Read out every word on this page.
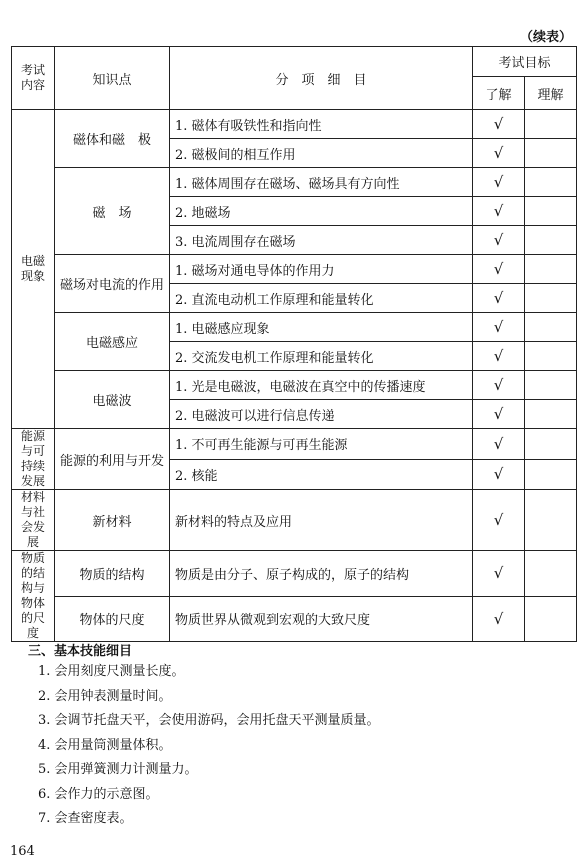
（续表）
考试内容	知识点	分　项　细　目	考试目标	
			了解	理解
电磁现象	磁体和磁　极	1. 磁体有吸铁性和指向性	√	
		2. 磁极间的相互作用	√	
	磁　场	1. 磁体周围存在磁场、磁场具有方向性	√	
		2. 地磁场	√	
		3. 电流周围存在磁场	√	
	磁场对电流的作用	1. 磁场对通电导体的作用力	√	
		2. 直流电动机工作原理和能量转化	√	
	电磁感应	1. 电磁感应现象	√	
		2. 交流发电机工作原理和能量转化	√	
	电磁波	1. 光是电磁波，电磁波在真空中的传播速度	√	
		2. 电磁波可以进行信息传递	√	
能源与可持续发展	能源的利用与开发	1. 不可再生能源与可再生能源	√	
		2. 核能	√	
材料与社会发展	新材料	新材料的特点及应用	√	
物质的结构与物体的尺度	物质的结构	物质是由分子、原子构成的，原子的结构	√	
	物体的尺度	物质世界从微观到宏观的大致尺度	√	
三、基本技能细目
1. 会用刻度尺测量长度。
2. 会用钟表测量时间。
3. 会调节托盘天平，会使用游码，会用托盘天平测量质量。
4. 会用量筒测量体积。
5. 会用弹簧测力计测量力。
6. 会作力的示意图。
7. 会查密度表。
164
